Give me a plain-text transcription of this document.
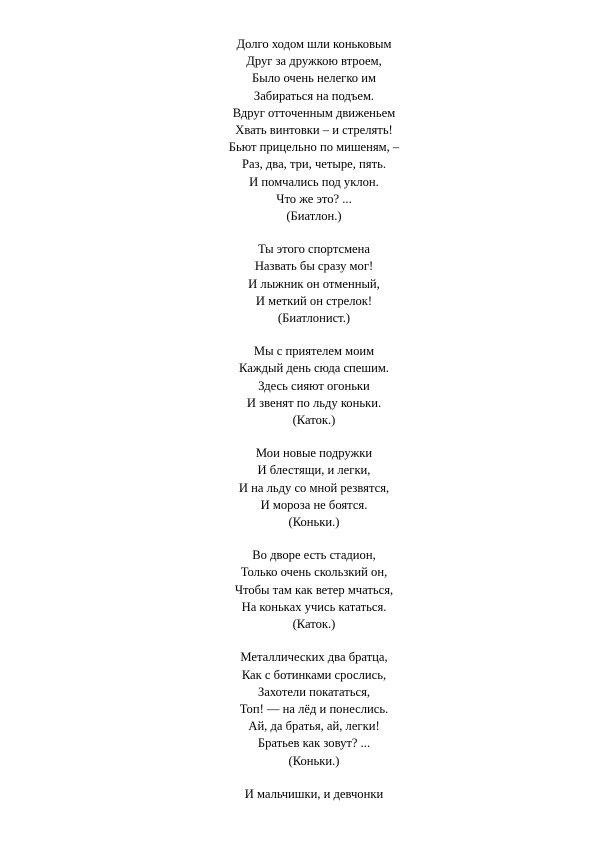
Долго ходом шли коньковым
Друг за дружкою втроем,
Было очень нелегко им
Забираться на подъем.
Вдруг отточенным движеньем
Хвать винтовки – и стрелять!
Бьют прицельно по мишеням, –
Раз, два, три, четыре, пять.
И помчались под уклон.
Что же это? ...
(Биатлон.)
Ты этого спортсмена
Назвать бы сразу мог!
И лыжник он отменный,
И меткий он стрелок!
(Биатлонист.)
Мы с приятелем моим
Каждый день сюда спешим.
Здесь сияют огоньки
И звенят по льду коньки.
(Каток.)
Мои новые подружки
И блестящи, и легки,
И на льду со мной резвятся,
И мороза не боятся.
(Коньки.)
Во дворе есть стадион,
Только очень скользкий он,
Чтобы там как ветер мчаться,
На коньках учись кататься.
(Каток.)
Металлических два братца,
Как с ботинками срослись,
Захотели покататься,
Топ! — на лёд и понеслись.
Ай, да братья, ай, легки!
Братьев как зовут? ...
(Коньки.)
И мальчишки, и девчонки
